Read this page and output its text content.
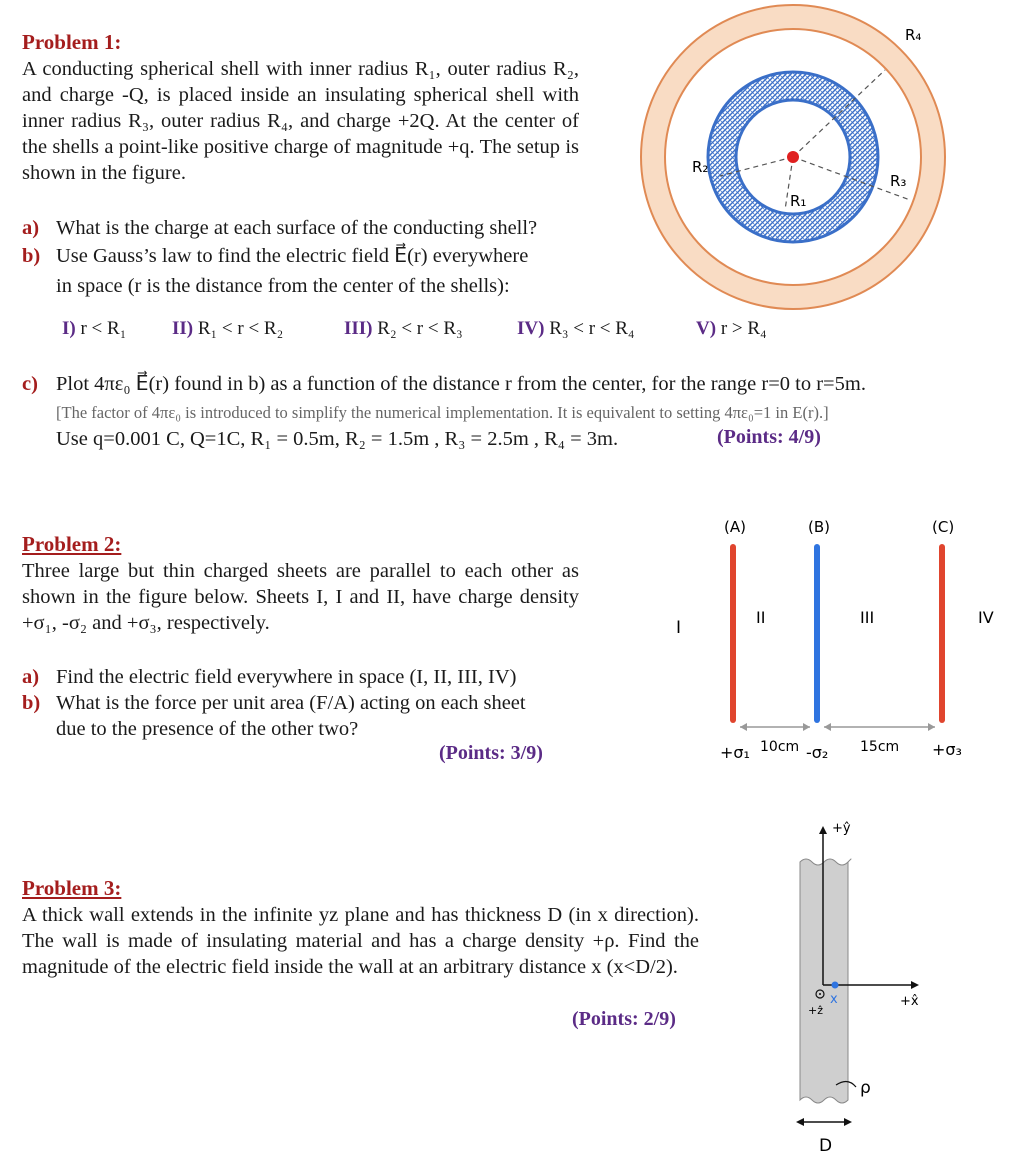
Problem 1:
A conducting spherical shell with inner radius R₁, outer radius R₂, and charge -Q, is placed inside an insulating spherical shell with inner radius R₃, outer radius R₄, and charge +2Q. At the center of the shells a point-like positive charge of magnitude +q. The setup is shown in the figure.
a) What is the charge at each surface of the conducting shell?
b) Use Gauss’s law to find the electric field E⃗(r) everywhere
in space (r is the distance from the center of the shells):
I) r < R₁ II) R₁ < r < R₂	III) R₂ < r < R₃	IV) R₃ < r < R₄	V) r > R₄
c) Plot 4πε₀ E⃗(r) found in b) as a function of the distance r from the center, for the range r=0 to r=5m.
[The factor of 4πε₀ is introduced to simplify the numerical implementation. It is equivalent to setting 4πε₀=1 in E(r).]
Use q=0.001 C, Q=1C, R₁ = 0.5m, R₂ = 1.5m , R₃ = 2.5m , R₄ = 3m.	(Points: 4/9)
R₄
R₃
R₂
R₁
Problem 2:
Three large but thin charged sheets are parallel to each other as shown in the figure below. Sheets I, I and II, have charge density +σ₁, -σ₂ and +σ₃, respectively.
a) Find the electric field everywhere in space (I, II, III, IV)
b) What is the force per unit area (F/A) acting on each sheet
due to the presence of the other two?
(Points: 3/9)
(A)	(B)	(C)
I
II	III	IV
10cm	15cm
+σ₁	-σ₂	+σ₃
Problem 3:
A thick wall extends in the infinite yz plane and has thickness D (in x direction). The wall is made of insulating material and has a charge density +ρ. Find the magnitude of the electric field inside the wall at an arbitrary distance x (x<D/2).
(Points: 2/9)
+ŷ
+x̂
+ẑ
x
ρ
D
